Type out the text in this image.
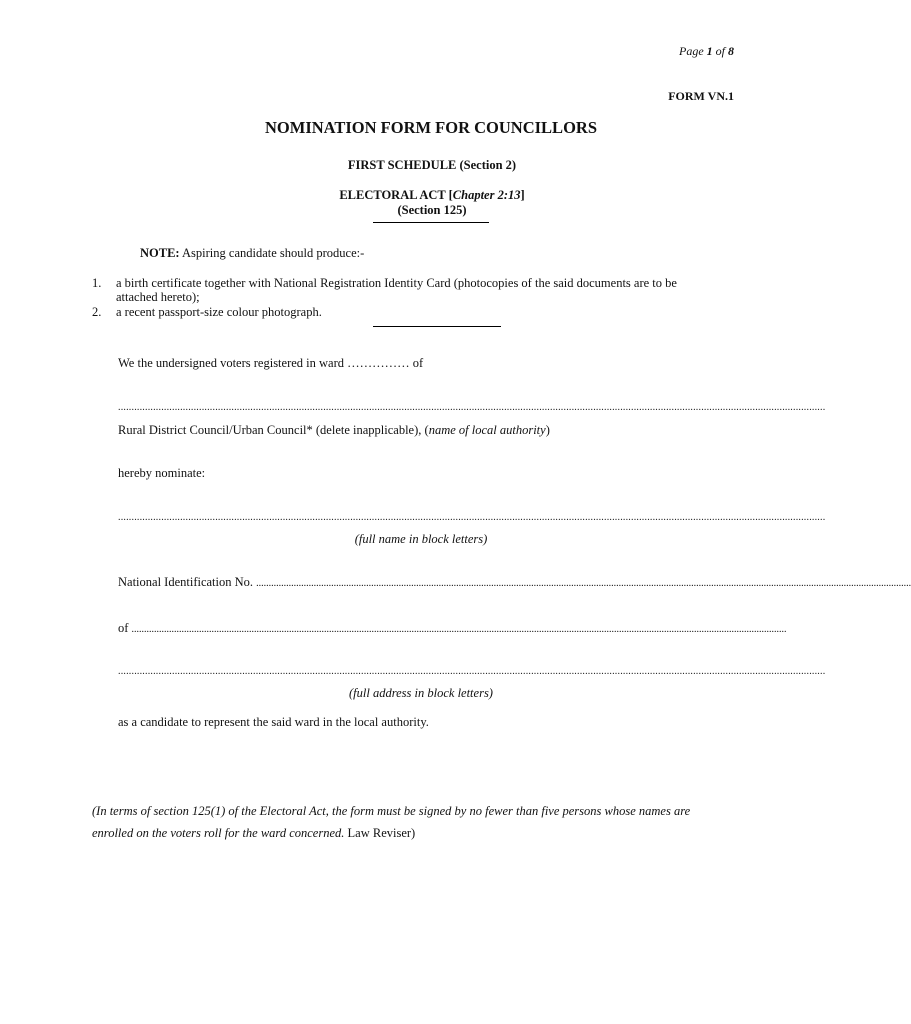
Page 1 of 8
FORM VN.1
NOMINATION FORM FOR COUNCILLORS
FIRST SCHEDULE (Section 2)
ELECTORAL ACT [Chapter 2:13]
(Section 125)
NOTE: Aspiring candidate should produce:-
1.	a birth certificate together with National Registration Identity Card (photocopies of the said documents are to be
attached hereto);
2.	a recent passport-size colour photograph.
We the undersigned voters registered in ward …………… of
......................................................................................................................................................................................................................................................................
Rural District Council/Urban Council* (delete inapplicable), (name of local authority)
hereby nominate:
......................................................................................................................................................................................................................................................................
(full name in block letters)
National Identification No. ......................................................................................................................................................................................................................................................................
of ......................................................................................................................................................................................................................................................................
......................................................................................................................................................................................................................................................................
(full address in block letters)
as a candidate to represent the said ward in the local authority.
(In terms of section 125(1) of the Electoral Act, the form must be signed by no fewer than five persons whose names are enrolled on the voters roll for the ward concerned. Law Reviser)
